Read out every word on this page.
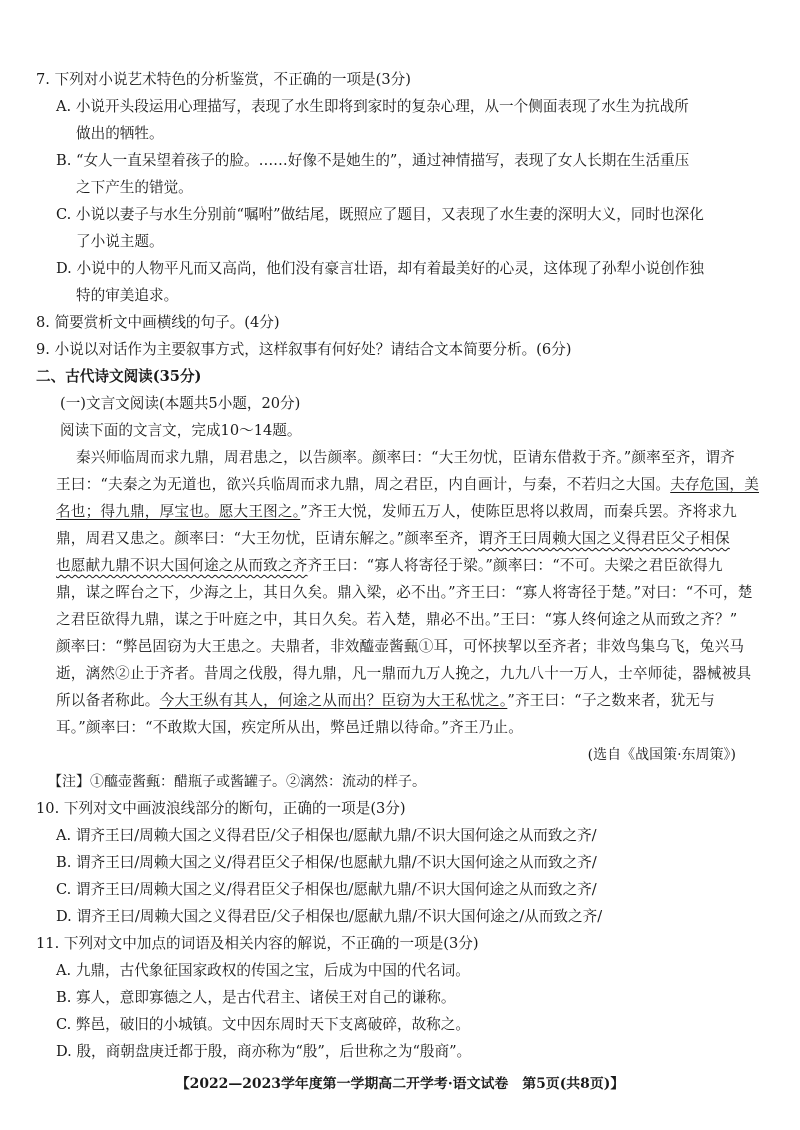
7. 下列对小说艺术特色的分析鉴赏，不正确的一项是(3分)
A. 小说开头段运用心理描写，表现了水生即将到家时的复杂心理，从一个侧面表现了水生为抗战所
做出的牺牲。
B. “女人一直呆望着孩子的脸。……好像不是她生的”，通过神情描写，表现了女人长期在生活重压
之下产生的错觉。
C. 小说以妻子与水生分别前“嘱咐”做结尾，既照应了题目，又表现了水生妻的深明大义，同时也深化
了小说主题。
D. 小说中的人物平凡而又高尚，他们没有豪言壮语，却有着最美好的心灵，这体现了孙犁小说创作独
特的审美追求。
8. 简要赏析文中画横线的句子。(4分)
9. 小说以对话作为主要叙事方式，这样叙事有何好处？请结合文本简要分析。(6分)
二、古代诗文阅读(35分)
(一)文言文阅读(本题共5小题，20分)
阅读下面的文言文，完成10～14题。
秦兴师临周而求九鼎，周君患之，以告颜率。颜率曰：“大王勿忧，臣请东借救于齐。”颜率至齐，谓齐
王曰：“夫秦之为无道也，欲兴兵临周而求九鼎，周之君臣，内自画计，与秦，不若归之大国。夫存危国，美
名也；得九鼎，厚宝也。愿大王图之。”齐王大悦，发师五万人，使陈臣思将以救周，而秦兵罢。齐将求九
鼎，周君又患之。颜率曰：“大王勿忧，臣请东解之。”颜率至齐，谓齐王曰周赖大国之义得君臣父子相保
也愿献九鼎不识大国何途之从而致之齐齐王曰：“寡人将寄径于梁。”颜率曰：“不可。夫梁之君臣欲得九
鼎，谋之晖台之下，少海之上，其日久矣。鼎入梁，必不出。”齐王曰：“寡人将寄径于楚。”对曰：“不可，楚
之君臣欲得九鼎，谋之于叶庭之中，其日久矣。若入楚，鼎必不出。”王曰：“寡人终何途之从而致之齐？”
颜率曰：“弊邑固窃为大王患之。夫鼎者，非效醯壶酱甀①耳，可怀挟挈以至齐者；非效鸟集乌飞，兔兴马
逝，漓然②止于齐者。昔周之伐殷，得九鼎，凡一鼎而九万人挽之，九九八十一万人，士卒师徒，器械被具
所以备者称此。今大王纵有其人，何途之从而出？臣窃为大王私忧之。”齐王曰：“子之数来者，犹无与
耳。”颜率曰：“不敢欺大国，疾定所从出，弊邑迁鼎以待命。”齐王乃止。
(选自《战国策·东周策》)
【注】①醯壶酱甀：醋瓶子或酱罐子。②漓然：流动的样子。
10. 下列对文中画波浪线部分的断句，正确的一项是(3分)
A. 谓齐王曰/周赖大国之义得君臣/父子相保也/愿献九鼎/不识大国何途之从而致之齐/
B. 谓齐王曰/周赖大国之义/得君臣父子相保/也愿献九鼎/不识大国何途之从而致之齐/
C. 谓齐王曰/周赖大国之义/得君臣父子相保也/愿献九鼎/不识大国何途之从而致之齐/
D. 谓齐王曰/周赖大国之义得君臣/父子相保也/愿献九鼎/不识大国何途之/从而致之齐/
11. 下列对文中加点的词语及相关内容的解说，不正确的一项是(3分)
A. 九鼎，古代象征国家政权的传国之宝，后成为中国的代名词。
B. 寡人，意即寡德之人，是古代君主、诸侯王对自己的谦称。
C. 弊邑，破旧的小城镇。文中因东周时天下支离破碎，故称之。
D. 殷，商朝盘庚迁都于殷，商亦称为“殷”，后世称之为“殷商”。
【2022—2023学年度第一学期高二开学考·语文试卷　第5页(共8页)】
